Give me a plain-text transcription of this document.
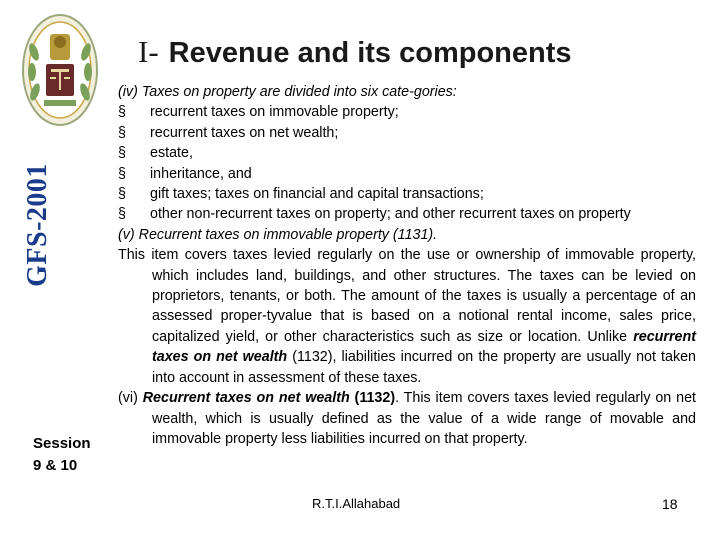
GFS-2001
Session
9 & 10
I- Revenue and its components

(iv) Taxes on property are divided into six cate-gories:

§	recurrent taxes on immovable property;
§	recurrent taxes on net wealth;
§	estate,
§	inheritance, and
§	gift taxes; taxes on financial and capital transactions;
§	other non-recurrent taxes on property; and other recurrent taxes on property

(v) Recurrent taxes on immovable property (1131).

This item covers taxes levied regularly on the use or ownership of immovable property, which includes land, buildings, and other structures. The taxes can be levied on proprietors, tenants, or both. The amount of the taxes is usually a percentage of an assessed proper-tyvalue that is based on a notional rental income, sales price, capitalized yield, or other characteristics such as size or location. Unlike recurrent taxes on net wealth (1132), liabilities incurred on the property are usually not taken into account in assessment of these taxes.

(vi) Recurrent taxes on net wealth (1132). This item covers taxes levied regularly on net wealth, which is usually defined as the value of a wide range of movable and immovable property less liabilities incurred on that property.

R.T.I.Allahabad	18
